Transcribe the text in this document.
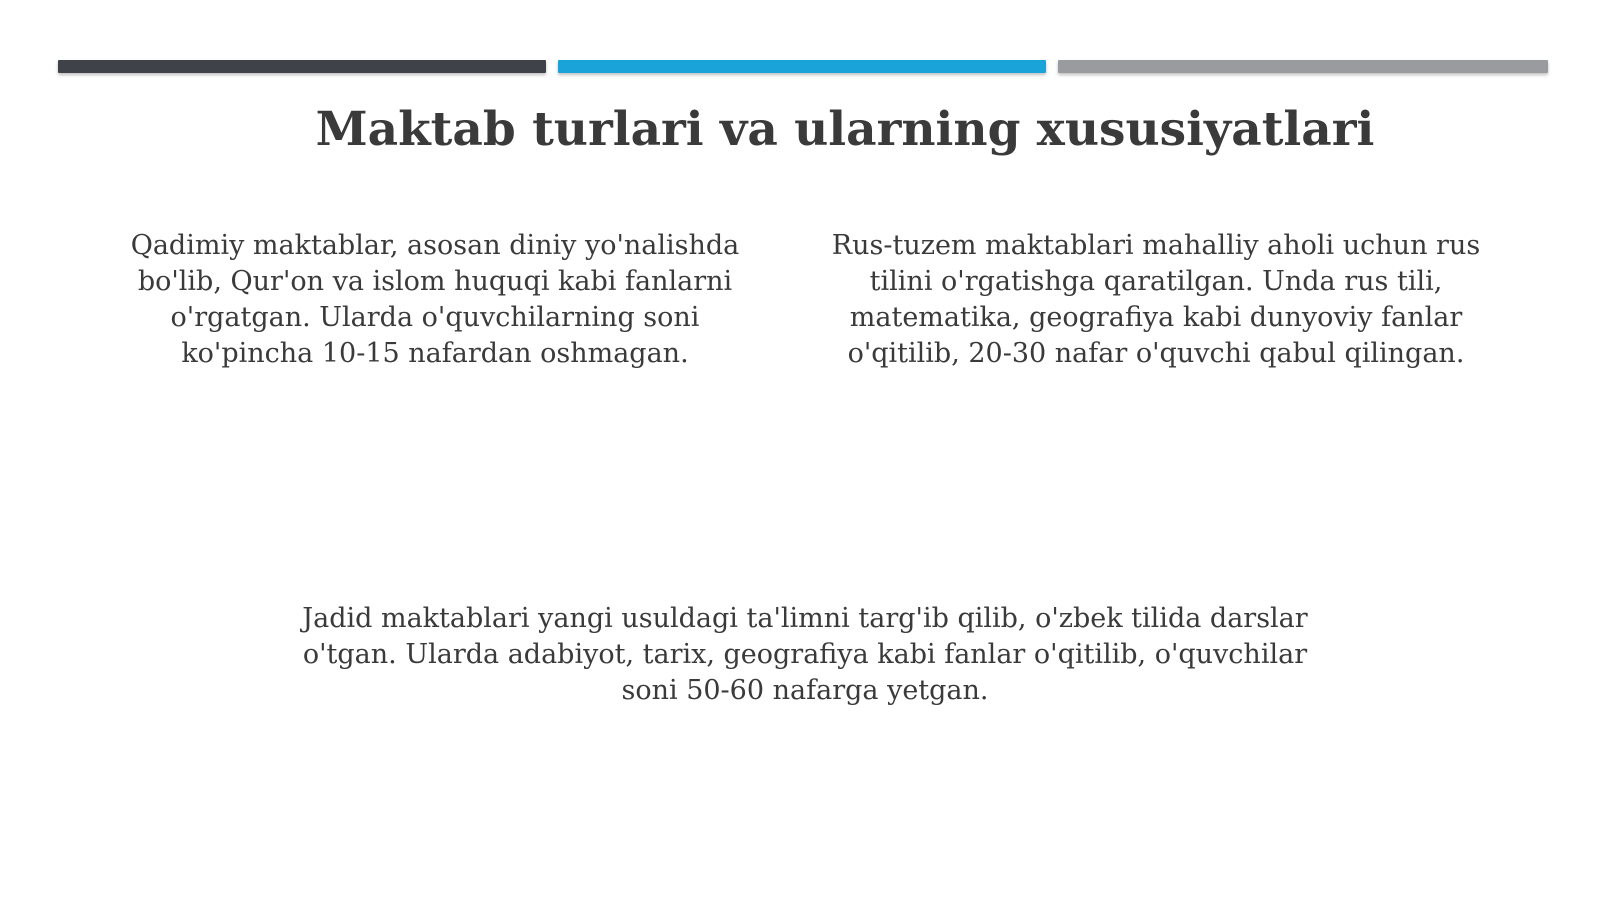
Maktab turlari va ularning xususiyatlari

Qadimiy maktablar, asosan diniy yo'nalishda bo'lib, Qur'on va islom huquqi kabi fanlarni o'rgatgan. Ularda o'quvchilarning soni ko'pincha 10-15 nafardan oshmagan.

Rus-tuzem maktablari mahalliy aholi uchun rus tilini o'rgatishga qaratilgan. Unda rus tili, matematika, geografiya kabi dunyoviy fanlar o'qitilib, 20-30 nafar o'quvchi qabul qilingan.

Jadid maktablari yangi usuldagi ta'limni targ'ib qilib, o'zbek tilida darslar o'tgan. Ularda adabiyot, tarix, geografiya kabi fanlar o'qitilib, o'quvchilar soni 50-60 nafarga yetgan.
